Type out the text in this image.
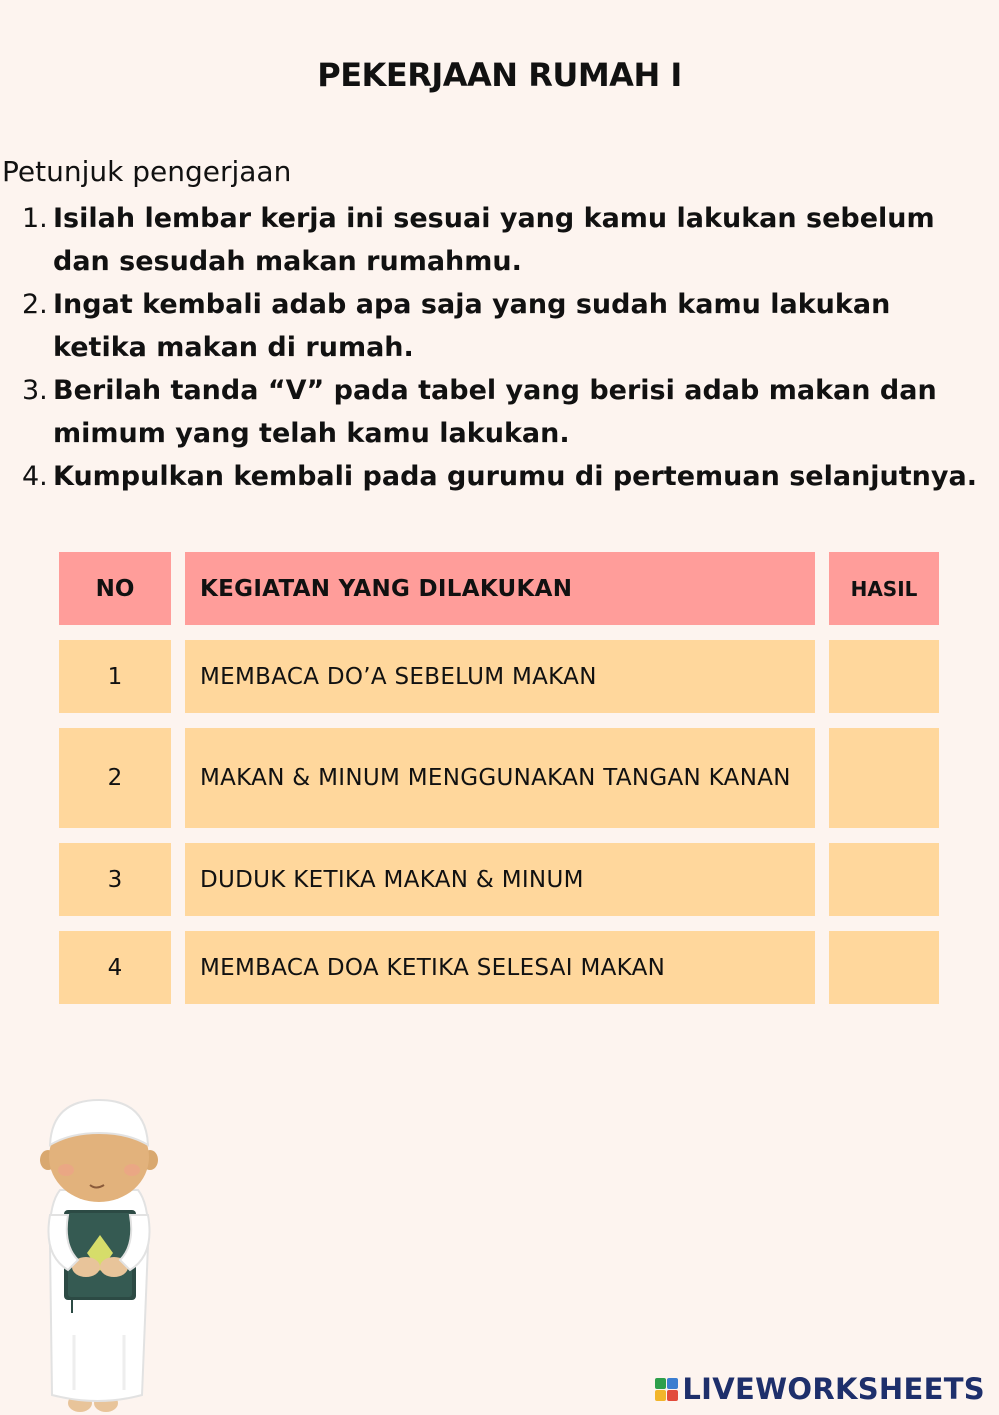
PEKERJAAN RUMAH I
Petunjuk pengerjaan
1. Isilah lembar kerja ini sesuai yang kamu lakukan sebelum dan sesudah makan rumahmu.
2. Ingat kembali adab apa saja yang sudah kamu lakukan ketika makan di rumah.
3. Berilah tanda “V” pada tabel yang berisi adab makan dan mimum yang telah kamu lakukan.
4. Kumpulkan kembali pada gurumu di pertemuan selanjutnya.
NO	KEGIATAN YANG DILAKUKAN	HASIL
1	MEMBACA DO’A SEBELUM MAKAN
2	MAKAN & MINUM MENGGUNAKAN TANGAN KANAN
3	DUDUK KETIKA MAKAN & MINUM
4	MEMBACA DOA KETIKA SELESAI MAKAN
LIVEWORKSHEETS
